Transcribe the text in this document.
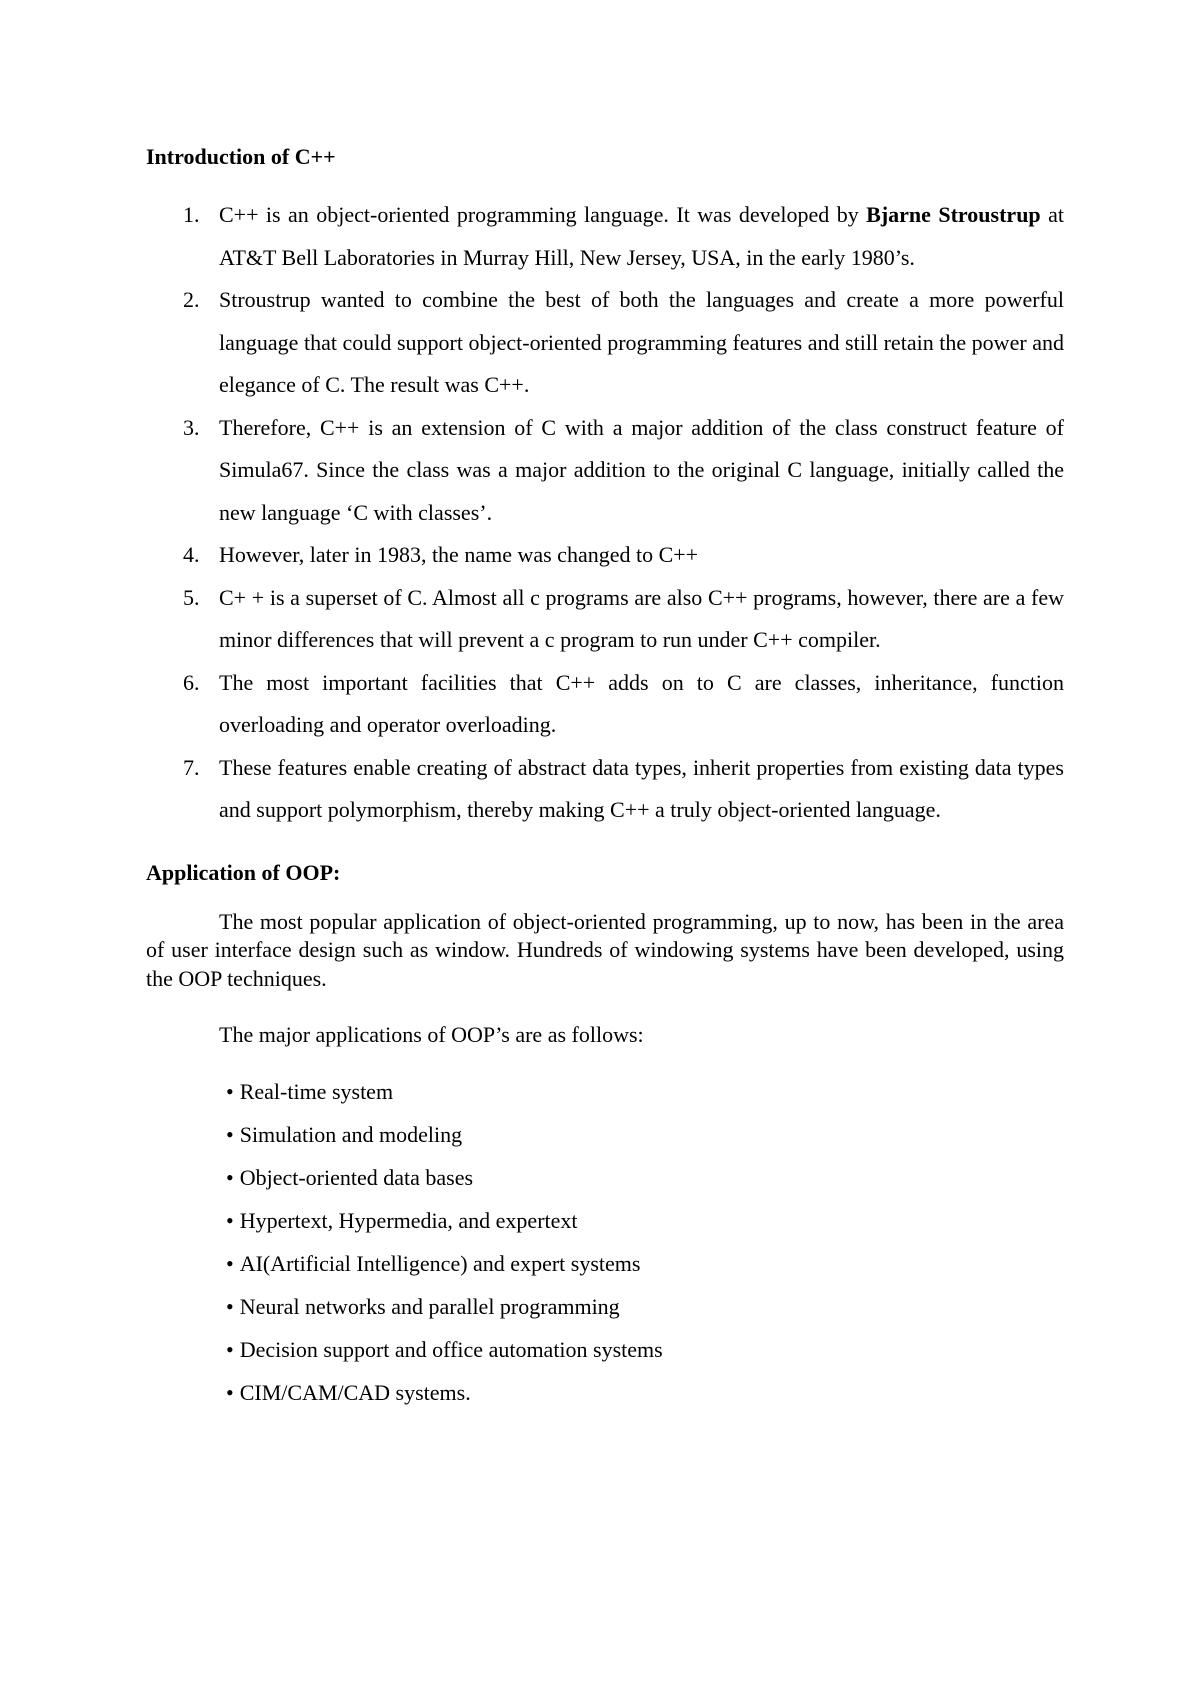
Introduction of C++
1. C++ is an object-oriented programming language. It was developed by Bjarne Stroustrup at AT&T Bell Laboratories in Murray Hill, New Jersey, USA, in the early 1980’s.
2. Stroustrup wanted to combine the best of both the languages and create a more powerful language that could support object-oriented programming features and still retain the power and elegance of C. The result was C++.
3. Therefore, C++ is an extension of C with a major addition of the class construct feature of Simula67. Since the class was a major addition to the original C language, initially called the new language ‘C with classes’.
4. However, later in 1983, the name was changed to C++
5. C+ + is a superset of C. Almost all c programs are also C++ programs, however, there are a few minor differences that will prevent a c program to run under C++ compiler.
6. The most important facilities that C++ adds on to C are classes, inheritance, function overloading and operator overloading.
7. These features enable creating of abstract data types, inherit properties from existing data types and support polymorphism, thereby making C++ a truly object-oriented language.
Application of OOP:

The most popular application of object-oriented programming, up to now, has been in the area of user interface design such as window. Hundreds of windowing systems have been developed, using the OOP techniques.

The major applications of OOP’s are as follows:

• Real-time system
• Simulation and modeling
• Object-oriented data bases
• Hypertext, Hypermedia, and expertext
• AI(Artificial Intelligence) and expert systems
• Neural networks and parallel programming
• Decision support and office automation systems
• CIM/CAM/CAD systems.
